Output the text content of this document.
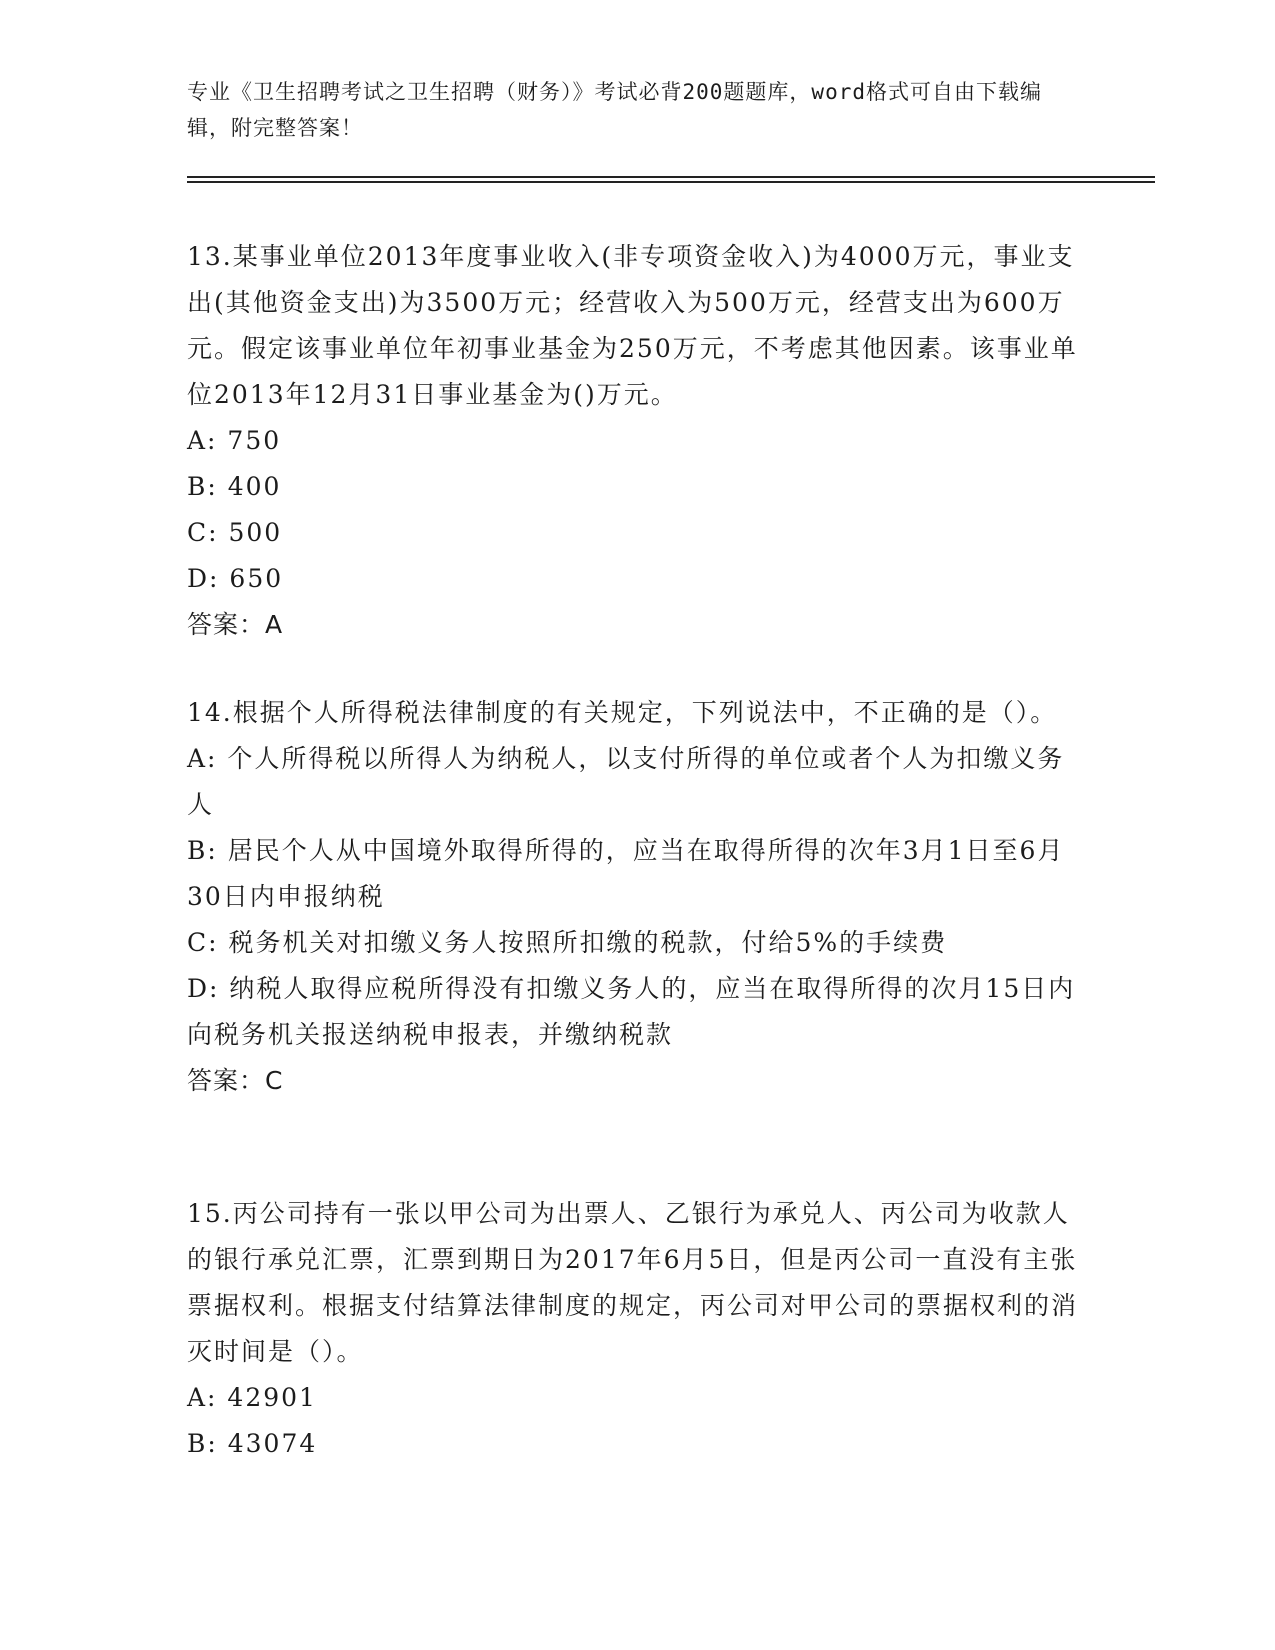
专业《卫生招聘考试之卫生招聘（财务）》考试必背200题题库，word格式可自由下载编辑，附完整答案！

13.某事业单位2013年度事业收入(非专项资金收入)为4000万元，事业支出(其他资金支出)为3500万元；经营收入为500万元，经营支出为600万元。假定该事业单位年初事业基金为250万元，不考虑其他因素。该事业单位2013年12月31日事业基金为()万元。

A: 750

B: 400

C: 500

D: 650

答案：A

14.根据个人所得税法律制度的有关规定，下列说法中，不正确的是（）。

A: 个人所得税以所得人为纳税人，以支付所得的单位或者个人为扣缴义务人

B: 居民个人从中国境外取得所得的，应当在取得所得的次年3月1日至6月30日内申报纳税

C: 税务机关对扣缴义务人按照所扣缴的税款，付给5%的手续费

D: 纳税人取得应税所得没有扣缴义务人的，应当在取得所得的次月15日内向税务机关报送纳税申报表，并缴纳税款

答案：C

15.丙公司持有一张以甲公司为出票人、乙银行为承兑人、丙公司为收款人的银行承兑汇票，汇票到期日为2017年6月5日，但是丙公司一直没有主张票据权利。根据支付结算法律制度的规定，丙公司对甲公司的票据权利的消灭时间是（）。

A: 42901

B: 43074
